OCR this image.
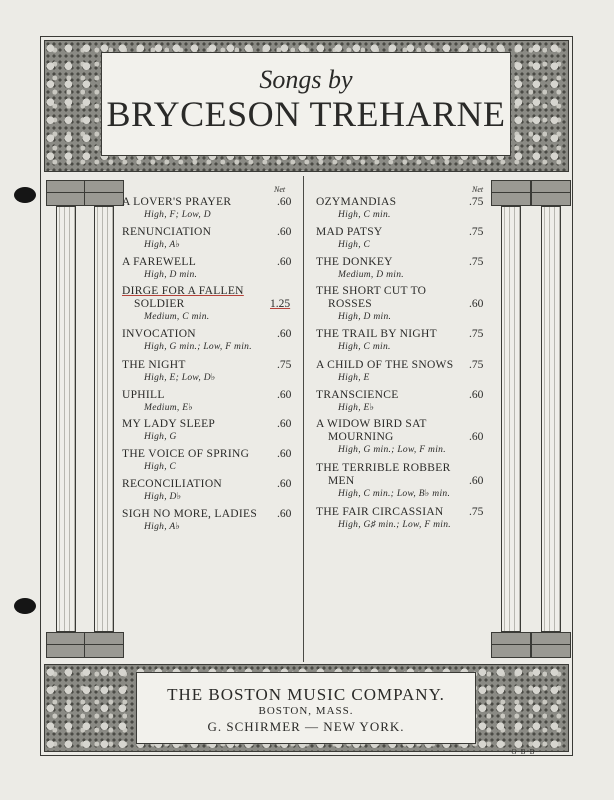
Songs by
BRYCESON TREHARNE
Net	Net
A LOVER'S PRAYER
High, F; Low, D
.60
RENUNCIATION
High, A♭
.60
A FAREWELL
High, D min.
.60
DIRGE FOR A FALLEN
SOLDIER
Medium, C min.
1.25
INVOCATION
High, G min.; Low, F min.
.60
THE NIGHT
High, E; Low, D♭
.75
UPHILL
Medium, E♭
.60
MY LADY SLEEP
High, G
.60
THE VOICE OF SPRING
High, C
.60
RECONCILIATION
High, D♭
.60
SIGH NO MORE, LADIES
High, A♭
.60
OZYMANDIAS
High, C min.
.75
MAD PATSY
High, C
.75
THE DONKEY
Medium, D min.
.75
THE SHORT CUT TO
ROSSES
High, D min.
.60
THE TRAIL BY NIGHT
High, C min.
.75
A CHILD OF THE SNOWS
High, E
.75
TRANSCIENCE
High, E♭
.60
A WIDOW BIRD SAT
MOURNING
High, G min.; Low, F min.
.60
THE TERRIBLE ROBBER
MEN
High, C min.; Low, B♭ min.
.60
THE FAIR CIRCASSIAN
High, G♯ min.; Low, F min.
.75
THE BOSTON MUSIC COMPANY.
BOSTON, MASS.
G. SCHIRMER — NEW YORK.
·G·B·B·
